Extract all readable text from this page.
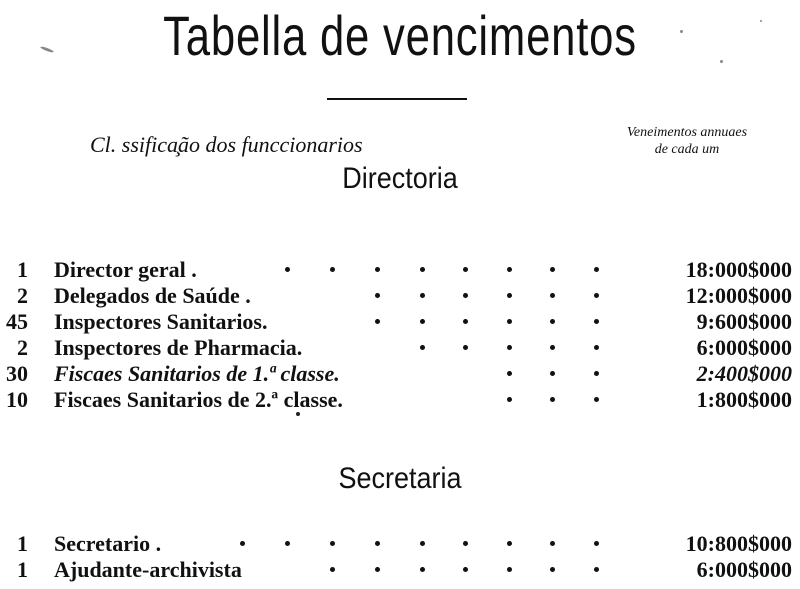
Tabella de vencimentos
Cl. ssifica̧ão dos funccionarios	Veneimentos annuaes
de cada um
Directoria
1 Director geral .	18:000$000
2 Delegados de Saúde .	12:000$000
45 Inspectores Sanitarios.	9:600$000
2 Inspectores de Pharmacia.	6:000$000
30 Fiscaes Sanitarios de 1.ª classe.	2:400$000
10 Fiscaes Sanitarios de 2.ª classe.	1:800$000
Secretaria
1 Secretario .	10:800$000
1 Ajudante-archivista	6:000$000
